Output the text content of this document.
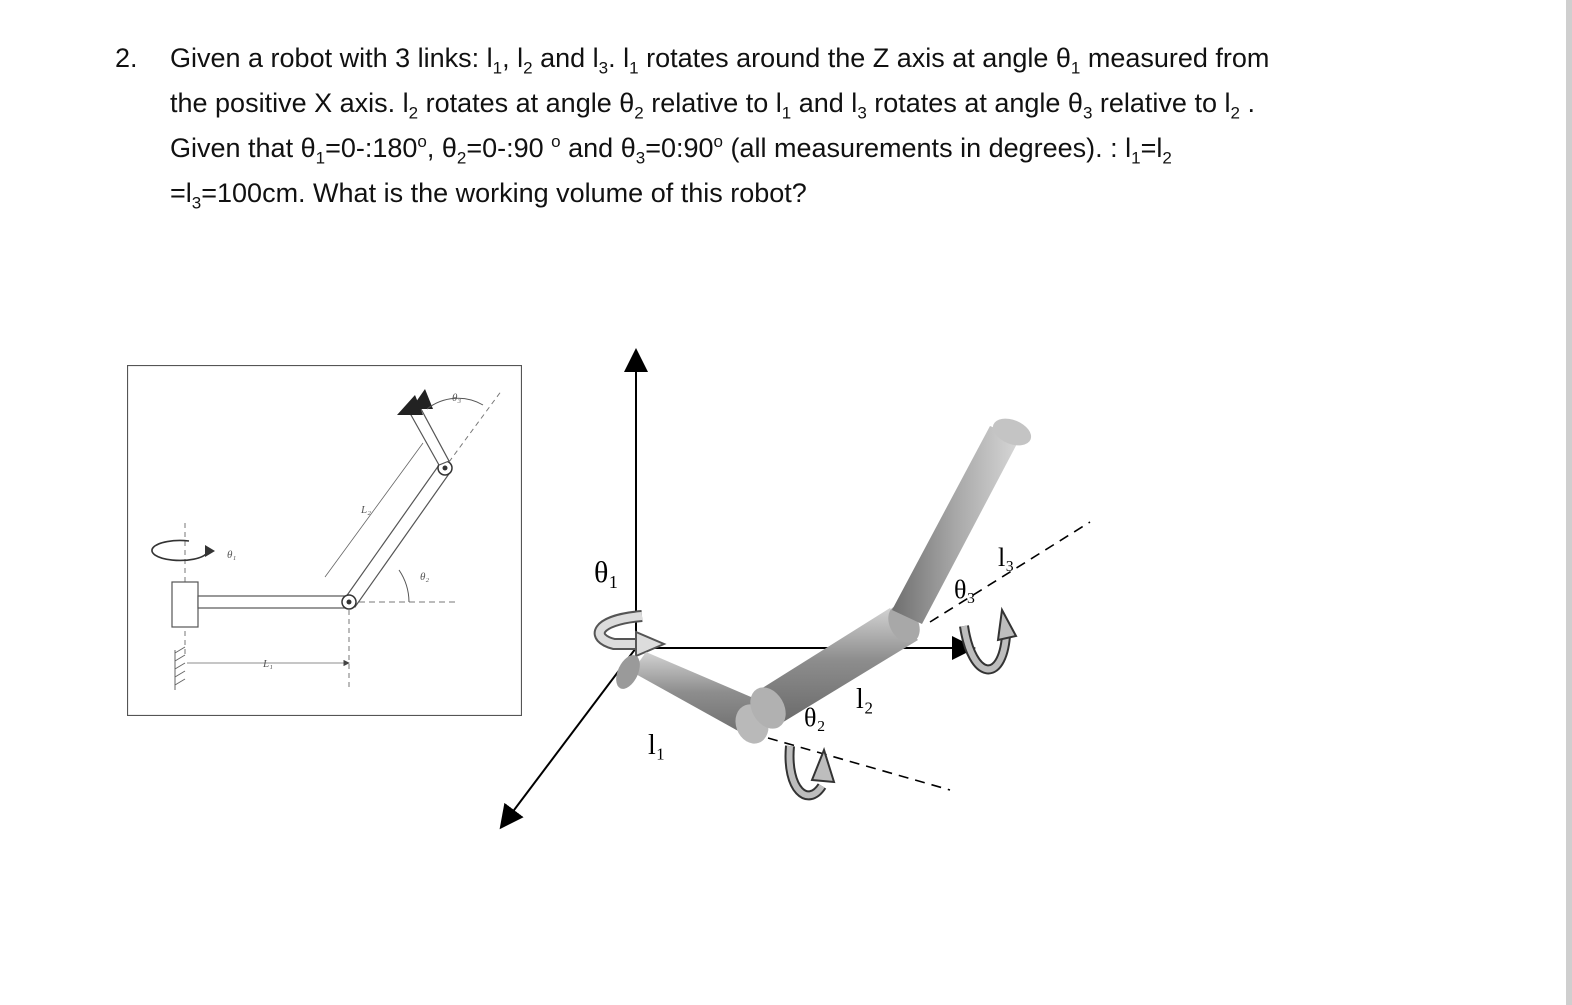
2. Given a robot with 3 links: $l_1$, $l_2$ and $l_3$. $l_1$ rotates around the Z axis at angle $\theta_1$ measured from
the positive X axis. $l_2$ rotates at angle $\theta_2$ relative to $l_1$ and $l_3$ rotates at angle $\theta_3$ relative to $l_2$ .
Given that $\theta_1=0-:180^o$, $\theta_2=0-:90$ $^o$ and $\theta_3=0:90^o$ (all measurements in degrees). : $l_1=l_2$
$=l_3=100cm$. What is the working volume of this robot?
θ₁
L₁
θ₂
L₂
θ₃
θ₁
l₁
l₂
θ₂
θ₃
l₃
